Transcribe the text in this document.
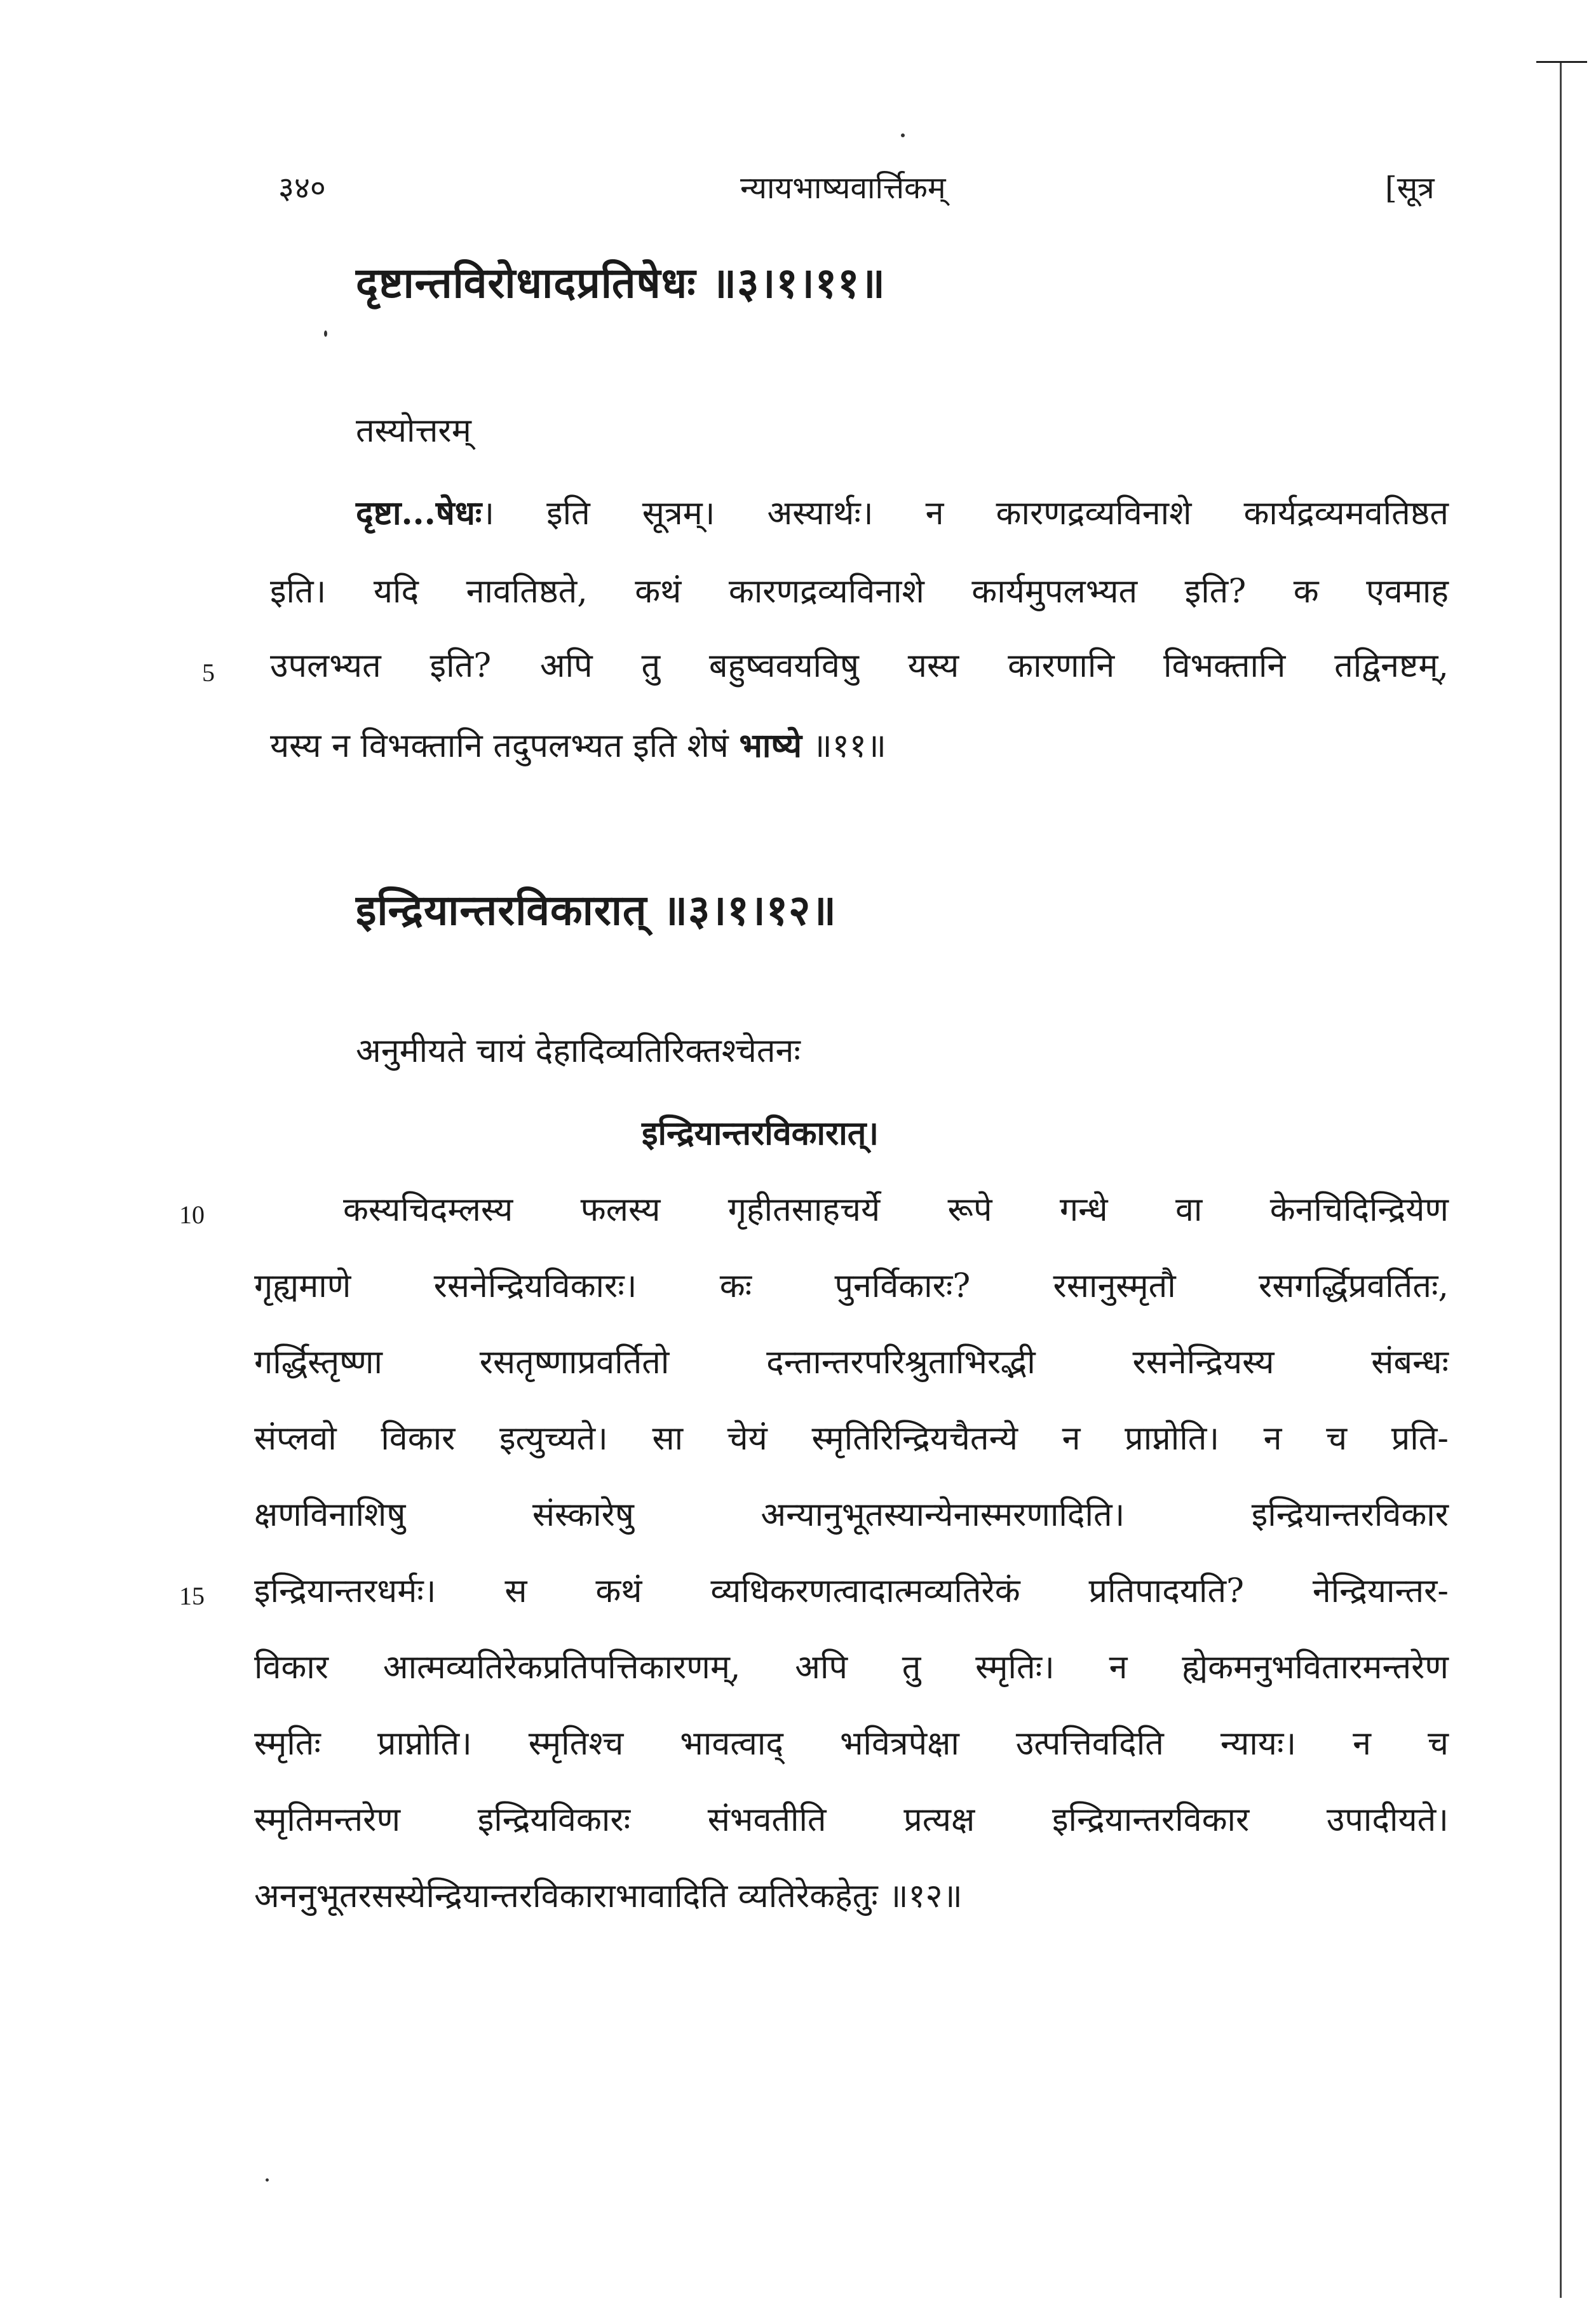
३४०	न्यायभाष्यवार्त्तिकम्	[सूत्र
दृष्टान्तविरोधादप्रतिषेधः ॥३।१।११॥
तस्योत्तरम्
दृष्टा...षेधः। इति सूत्रम्। अस्यार्थः। न कारणद्रव्यविनाशे कार्यद्रव्यमवतिष्ठत
इति। यदि नावतिष्ठते, कथं कारणद्रव्यविनाशे कार्यमुपलभ्यत इति? क एवमाह
5 उपलभ्यत इति? अपि तु बहुष्ववयविषु यस्य कारणानि विभक्तानि तद्विनष्टम्,
यस्य न विभक्तानि तदुपलभ्यत इति शेषं भाष्ये ॥११॥
इन्द्रियान्तरविकारात् ॥३।१।१२॥
अनुमीयते चायं देहादिव्यतिरिक्तश्चेतनः
इन्द्रियान्तरविकारात्।
10	कस्यचिदम्लस्य फलस्य गृहीतसाहचर्ये रूपे गन्धे वा केनचिदिन्द्रियेण
गृह्यमाणे रसनेन्द्रियविकारः। कः पुनर्विकारः? रसानुस्मृतौ रसगर्द्धिप्रवर्तितः,
गर्द्धिस्तृष्णा रसतृष्णाप्रवर्तितो दन्तान्तरपरिश्रुताभिरद्भी रसनेन्द्रियस्य संबन्धः
संप्लवो विकार इत्युच्यते। सा चेयं स्मृतिरिन्द्रियचैतन्ये न प्राप्नोति। न च प्रति-
क्षणविनाशिषु संस्कारेषु अन्यानुभूतस्यान्येनास्मरणादिति। इन्द्रियान्तरविकार
15 इन्द्रियान्तरधर्मः। स कथं व्यधिकरणत्वादात्मव्यतिरेकं प्रतिपादयति? नेन्द्रियान्तर-
विकार आत्मव्यतिरेकप्रतिपत्तिकारणम्, अपि तु स्मृतिः। न ह्येकमनुभवितारमन्तरेण
स्मृतिः प्राप्नोति। स्मृतिश्च भावत्वाद् भवित्रपेक्षा उत्पत्तिवदिति न्यायः। न च
स्मृतिमन्तरेण इन्द्रियविकारः संभवतीति प्रत्यक्ष इन्द्रियान्तरविकार उपादीयते।
अननुभूतरसस्येन्द्रियान्तरविकाराभावादिति व्यतिरेकहेतुः ॥१२॥
